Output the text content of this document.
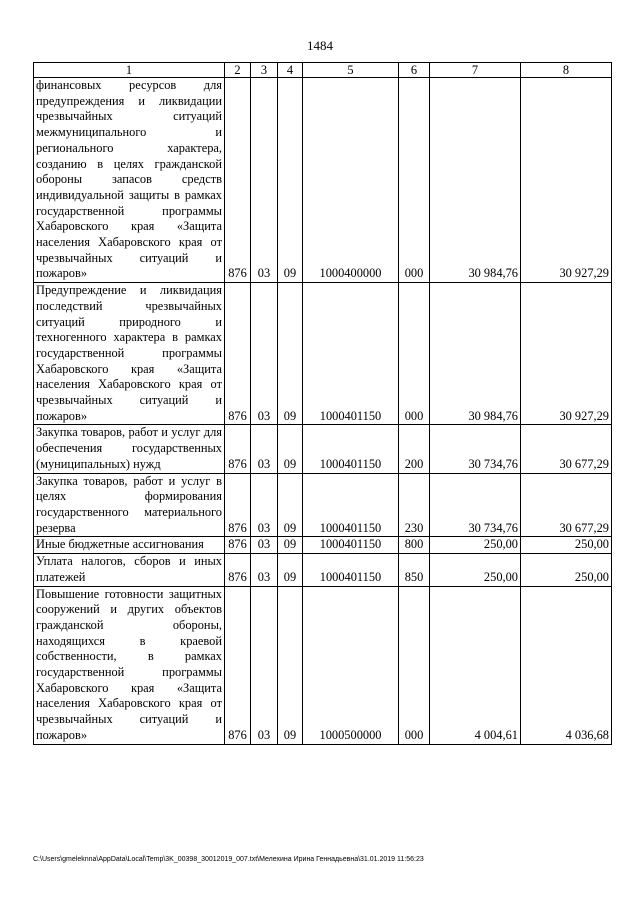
1484
1	2	3	4	5	6	7	8
финансовых ресурсов для предупреждения и ликвидации чрезвычайных ситуаций межмуниципального и регионального характера, созданию в целях гражданской обороны запасов средств индивидуальной защиты в рамках государственной программы Хабаровского края «Защита населения Хабаровского края от чрезвычайных ситуаций и пожаров»	876	03	09	1000400000	000	30 984,76	30 927,29
Предупреждение и ликвидация последствий чрезвычайных ситуаций природного и техногенного характера в рамках государственной программы Хабаровского края «Защита населения Хабаровского края от чрезвычайных ситуаций и пожаров»	876	03	09	1000401150	000	30 984,76	30 927,29
Закупка товаров, работ и услуг для обеспечения государственных (муниципальных) нужд	876	03	09	1000401150	200	30 734,76	30 677,29
Закупка товаров, работ и услуг в целях формирования государственного материального резерва	876	03	09	1000401150	230	30 734,76	30 677,29
Иные бюджетные ассигнования	876	03	09	1000401150	800	250,00	250,00
Уплата налогов, сборов и иных платежей	876	03	09	1000401150	850	250,00	250,00
Повышение готовности защитных сооружений и других объектов гражданской обороны, находящихся в краевой собственности, в рамках государственной программы Хабаровского края «Защита населения Хабаровского края от чрезвычайных ситуаций и пожаров»	876	03	09	1000500000	000	4 004,61	4 036,68
C:\Users\gmeleknna\AppData\Local\Temp\3K_00398_30012019_007.txt\Мелехина Ирина Геннадьевна\31.01.2019 11:56:23
